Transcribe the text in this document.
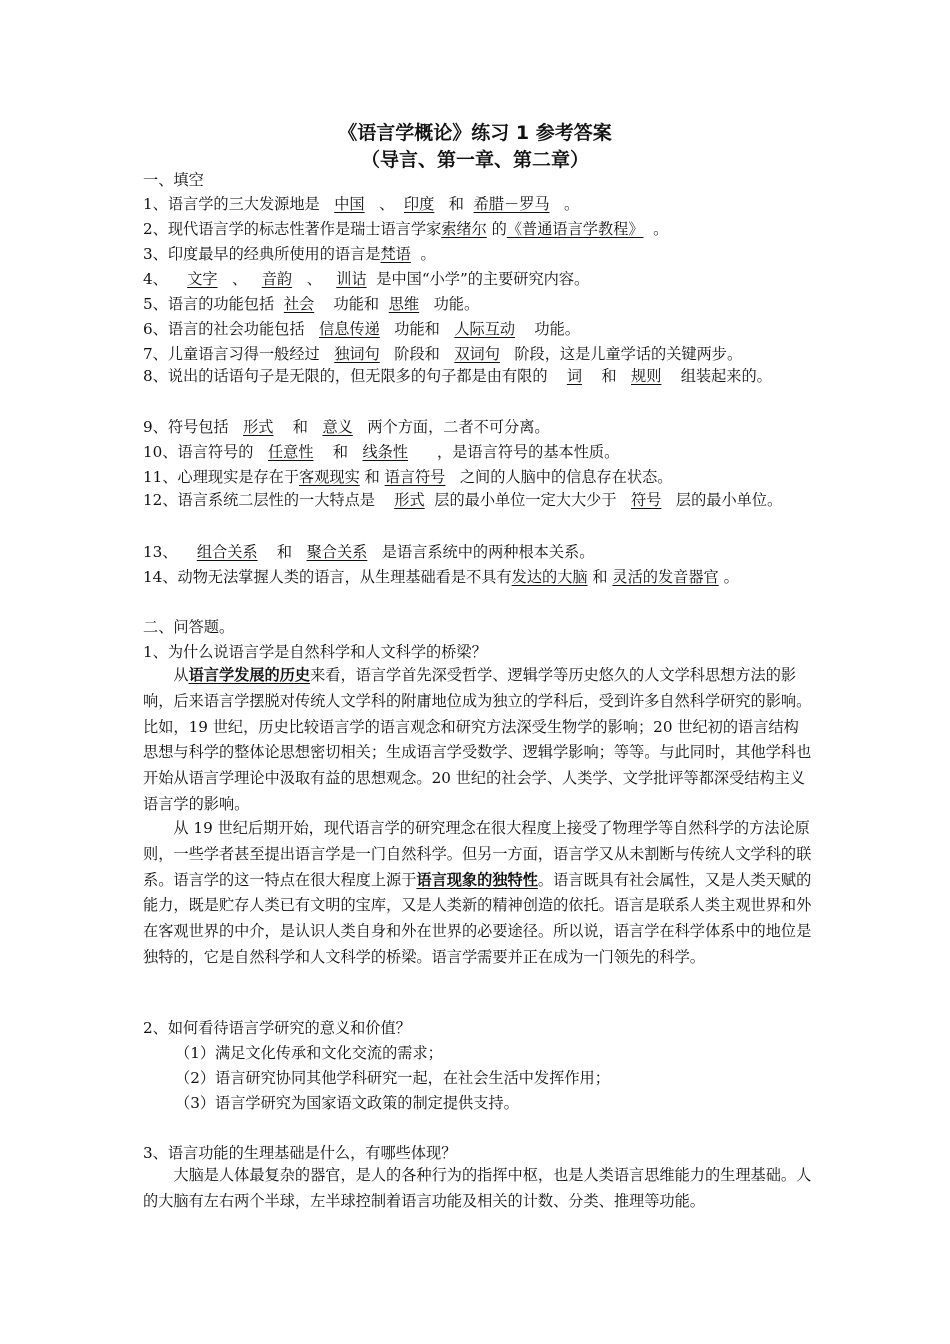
《语言学概论》练习 1 参考答案
（导言、第一章、第二章）
一、填空
1、语言学的三大发源地是 中国 、 印度 和 希腊－罗马 。
2、现代语言学的标志性著作是瑞士语言学家索绪尔 的《普通语言学教程》 。
3、印度最早的经典所使用的语言是梵语 。
4、 文字 、 音韵 、 训诂 是中国“小学”的主要研究内容。
5、语言的功能包括 社会 功能和 思维 功能。
6、语言的社会功能包括 信息传递 功能和 人际互动 功能。
7、儿童语言习得一般经过 独词句 阶段和 双词句 阶段，这是儿童学话的关键两步。
8、说出的话语句子是无限的，但无限多的句子都是由有限的 词 和 规则 组装起来的。
9、符号包括 形式 和 意义 两个方面，二者不可分离。
10、语言符号的 任意性 和 线条性 ，是语言符号的基本性质。
11、心理现实是存在于客观现实 和 语言符号 之间的人脑中的信息存在状态。
12、语言系统二层性的一大特点是 形式 层的最小单位一定大大少于 符号 层的最小单位。
13、 组合关系 和 聚合关系 是语言系统中的两种根本关系。
14、动物无法掌握人类的语言，从生理基础看是不具有发达的大脑 和 灵活的发音器官 。
二、问答题。
1、为什么说语言学是自然科学和人文科学的桥梁？
从语言学发展的历史来看，语言学首先深受哲学、逻辑学等历史悠久的人文学科思想方法的影响，后来语言学摆脱对传统人文学科的附庸地位成为独立的学科后，受到许多自然科学研究的影响。比如，19 世纪，历史比较语言学的语言观念和研究方法深受生物学的影响；20 世纪初的语言结构思想与科学的整体论思想密切相关；生成语言学受数学、逻辑学影响；等等。与此同时，其他学科也开始从语言学理论中汲取有益的思想观念。20 世纪的社会学、人类学、文学批评等都深受结构主义语言学的影响。
从 19 世纪后期开始，现代语言学的研究理念在很大程度上接受了物理学等自然科学的方法论原则，一些学者甚至提出语言学是一门自然科学。但另一方面，语言学又从未割断与传统人文学科的联系。语言学的这一特点在很大程度上源于语言现象的独特性。语言既具有社会属性，又是人类天赋的能力，既是贮存人类已有文明的宝库，又是人类新的精神创造的依托。语言是联系人类主观世界和外在客观世界的中介，是认识人类自身和外在世界的必要途径。所以说，语言学在科学体系中的地位是独特的，它是自然科学和人文科学的桥梁。语言学需要并正在成为一门领先的科学。
2、如何看待语言学研究的意义和价值？
（1）满足文化传承和文化交流的需求；
（2）语言研究协同其他学科研究一起，在社会生活中发挥作用；
（3）语言学研究为国家语文政策的制定提供支持。
3、语言功能的生理基础是什么，有哪些体现？
大脑是人体最复杂的器官，是人的各种行为的指挥中枢，也是人类语言思维能力的生理基础。人的大脑有左右两个半球，左半球控制着语言功能及相关的计数、分类、推理等功能。
